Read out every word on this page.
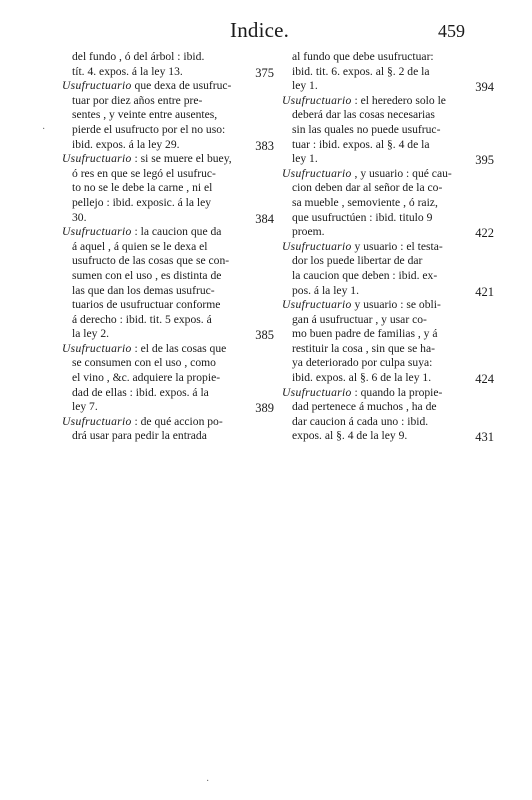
Indice.	459
del fundo , ó del árbol : ibid.
tít. 4. expos. á la ley 13.	375
Usufructuario que dexa de usufruc-
tuar por diez años entre pre-
sentes , y veinte entre ausentes,
pierde el usufructo por el no uso:
ibid. expos. á la ley 29.	383
Usufructuario : si se muere el buey,
ó res en que se legó el usufruc-
to no se le debe la carne , ni el
pellejo : ibid. exposic. á la ley
30.	384
Usufructuario : la caucion que da
á aquel , á quien se le dexa el
usufructo de las cosas que se con-
sumen con el uso , es distinta de
las que dan los demas usufruc-
tuarios de usufructuar conforme
á derecho : ibid. tit. 5 expos. á
la ley 2.	385
Usufructuario : el de las cosas que
se consumen con el uso , como
el vino , &c. adquiere la propie-
dad de ellas : ibid. expos. á la
ley 7.	389
Usufructuario : de qué accion po-
drá usar para pedir la entrada
al fundo que debe usufructuar:
ibid. tit. 6. expos. al §. 2 de la
ley 1.	394
Usufructuario : el heredero solo le
deberá dar las cosas necesarias
sin las quales no puede usufruc-
tuar : ibid. expos. al §. 4 de la
ley 1.	395
Usufructuario , y usuario : qué cau-
cion deben dar al señor de la co-
sa mueble , semoviente , ó raiz,
que usufructúen : ibid. titulo 9
proem.	422
Usufructuario y usuario : el testa-
dor los puede libertar de dar
la caucion que deben : ibid. ex-
pos. á la ley 1.	421
Usufructuario y usuario : se obli-
gan á usufructuar , y usar co-
mo buen padre de familias , y á
restituir la cosa , sin que se ha-
ya deteriorado por culpa suya:
ibid. expos. al §. 6 de la ley 1.	424
Usufructuario : quando la propie-
dad pertenece á muchos , ha de
dar caucion á cada uno : ibid.
expos. al §. 4 de la ley 9.	431
·
·
